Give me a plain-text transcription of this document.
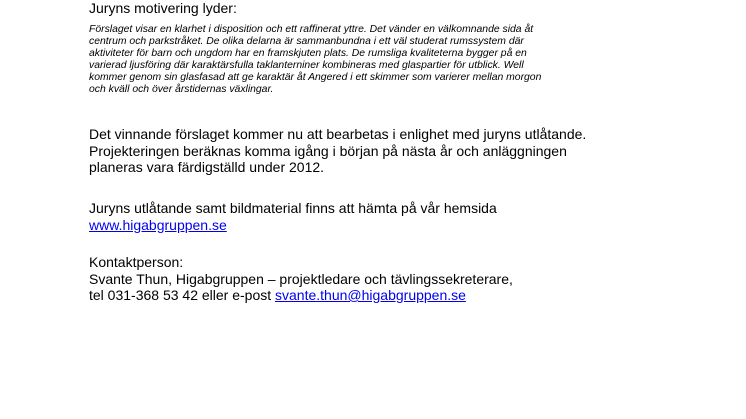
Juryns motivering lyder:

Förslaget visar en klarhet i disposition och ett raffinerat yttre. Det vänder en välkomnande sida åt
centrum och parkstråket. De olika delarna är sammanbundna i ett väl studerat rumssystem där
aktiviteter för barn och ungdom har en framskjuten plats. De rumsliga kvaliteterna bygger på en
varierad ljusföring där karaktärsfulla taklanterniner kombineras med glaspartier för utblick. Well
kommer genom sin glasfasad att ge karaktär åt Angered i ett skimmer som varierer mellan morgon
och kväll och över årstidernas växlingar.
Det vinnande förslaget kommer nu att bearbetas i enlighet med juryns utlåtande.
Projekteringen beräknas komma igång i början på nästa år och anläggningen
planeras vara färdigställd under 2012.
Juryns utlåtande samt bildmaterial finns att hämta på vår hemsida
www.higabgruppen.se
Kontaktperson:
Svante Thun, Higabgruppen – projektledare och tävlingssekreterare,
tel 031-368 53 42 eller e-post svante.thun@higabgruppen.se
